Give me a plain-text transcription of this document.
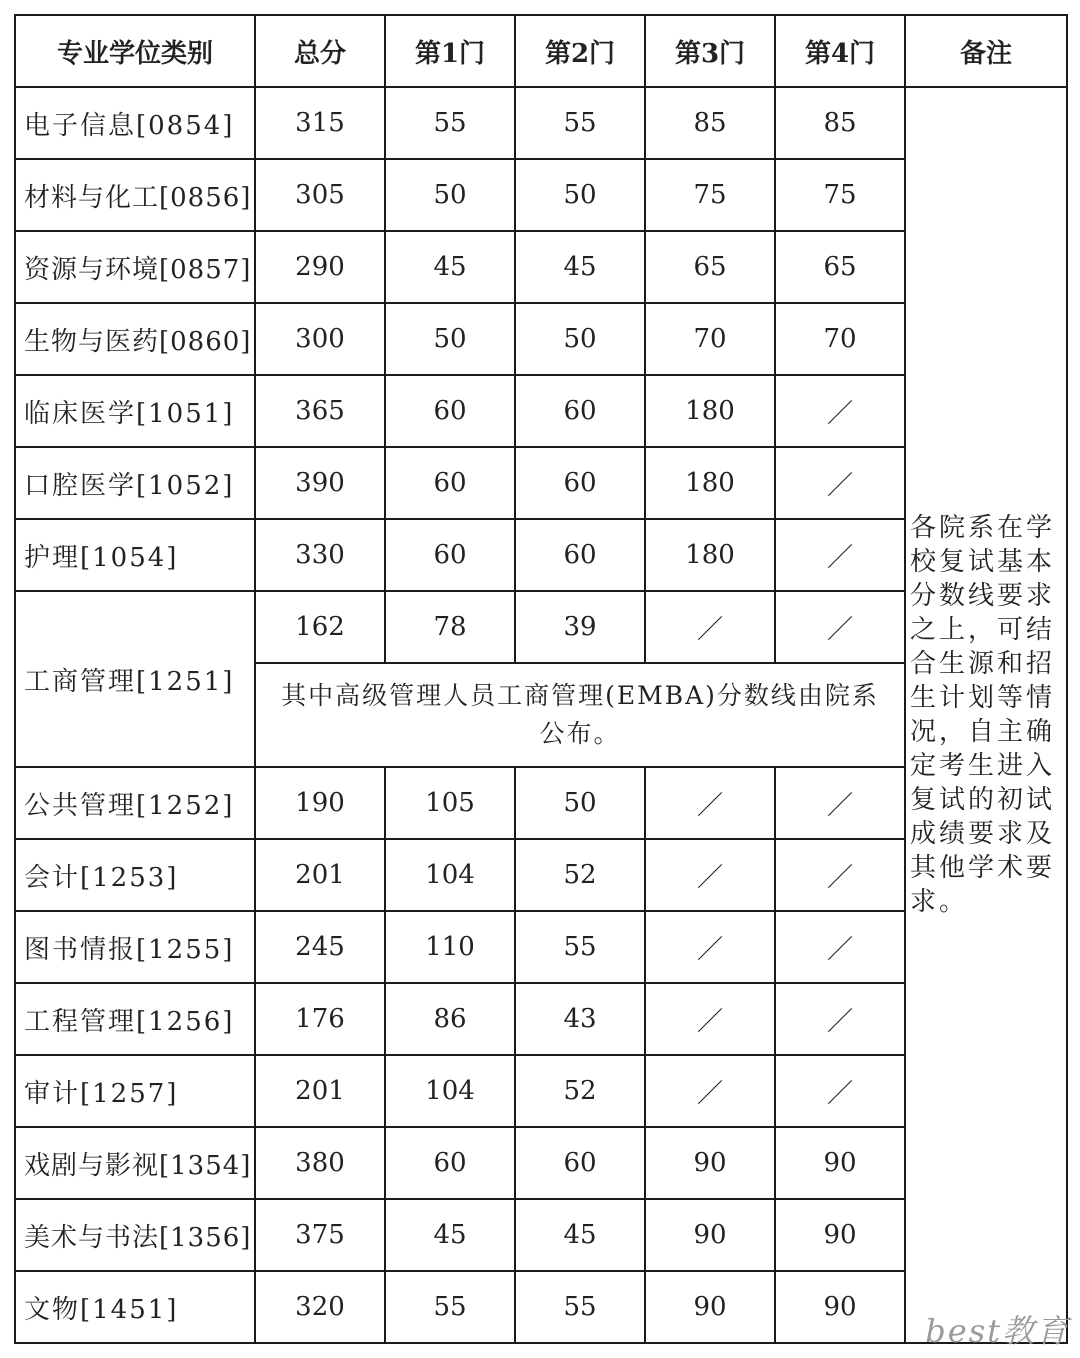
专业学位类别	总分	第1门	第2门	第3门	第4门	备注
电子信息[0854]	315	55	55	85	85	各院系在学校复试基本分数线要求之上，可结合生源和招生计划等情况，自主确定考生进入复试的初试成绩要求及其他学术要求。
材料与化工[0856]	305	50	50	75	75	
资源与环境[0857]	290	45	45	65	65	
生物与医药[0860]	300	50	50	70	70	
临床医学[1051]	365	60	60	180	／	
口腔医学[1052]	390	60	60	180	／	
护理[1054]	330	60	60	180	／	
工商管理[1251]	162	78	39	／	／	
	其中高级管理人员工商管理(EMBA)分数线由院系公布。					
公共管理[1252]	190	105	50	／	／	
会计[1253]	201	104	52	／	／	
图书情报[1255]	245	110	55	／	／	
工程管理[1256]	176	86	43	／	／	
审计[1257]	201	104	52	／	／	
戏剧与影视[1354]	380	60	60	90	90	
美术与书法[1356]	375	45	45	90	90	
文物[1451]	320	55	55	90	90	
best教育
